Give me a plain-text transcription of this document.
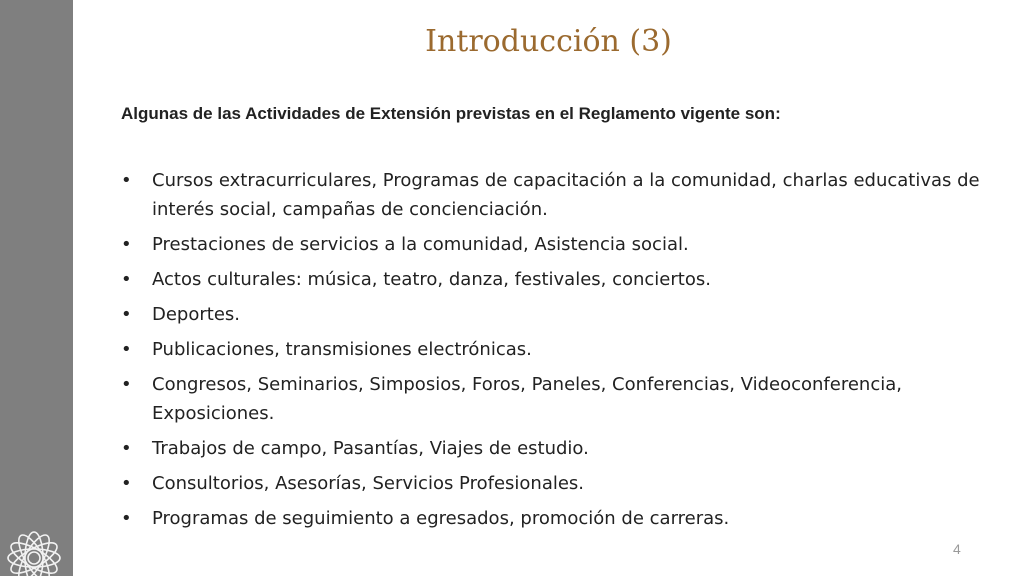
Introducción (3)

Algunas de las Actividades de Extensión previstas en el Reglamento vigente son:

• Cursos extracurriculares, Programas de capacitación a la comunidad, charlas educativas de interés social, campañas de concienciación.
• Prestaciones de servicios a la comunidad, Asistencia social.
• Actos culturales: música, teatro, danza, festivales, conciertos.
• Deportes.
• Publicaciones, transmisiones electrónicas.
• Congresos, Seminarios, Simposios, Foros, Paneles, Conferencias, Videoconferencia, Exposiciones.
• Trabajos de campo, Pasantías, Viajes de estudio.
• Consultorios, Asesorías, Servicios Profesionales.
• Programas de seguimiento a egresados, promoción de carreras.
4
